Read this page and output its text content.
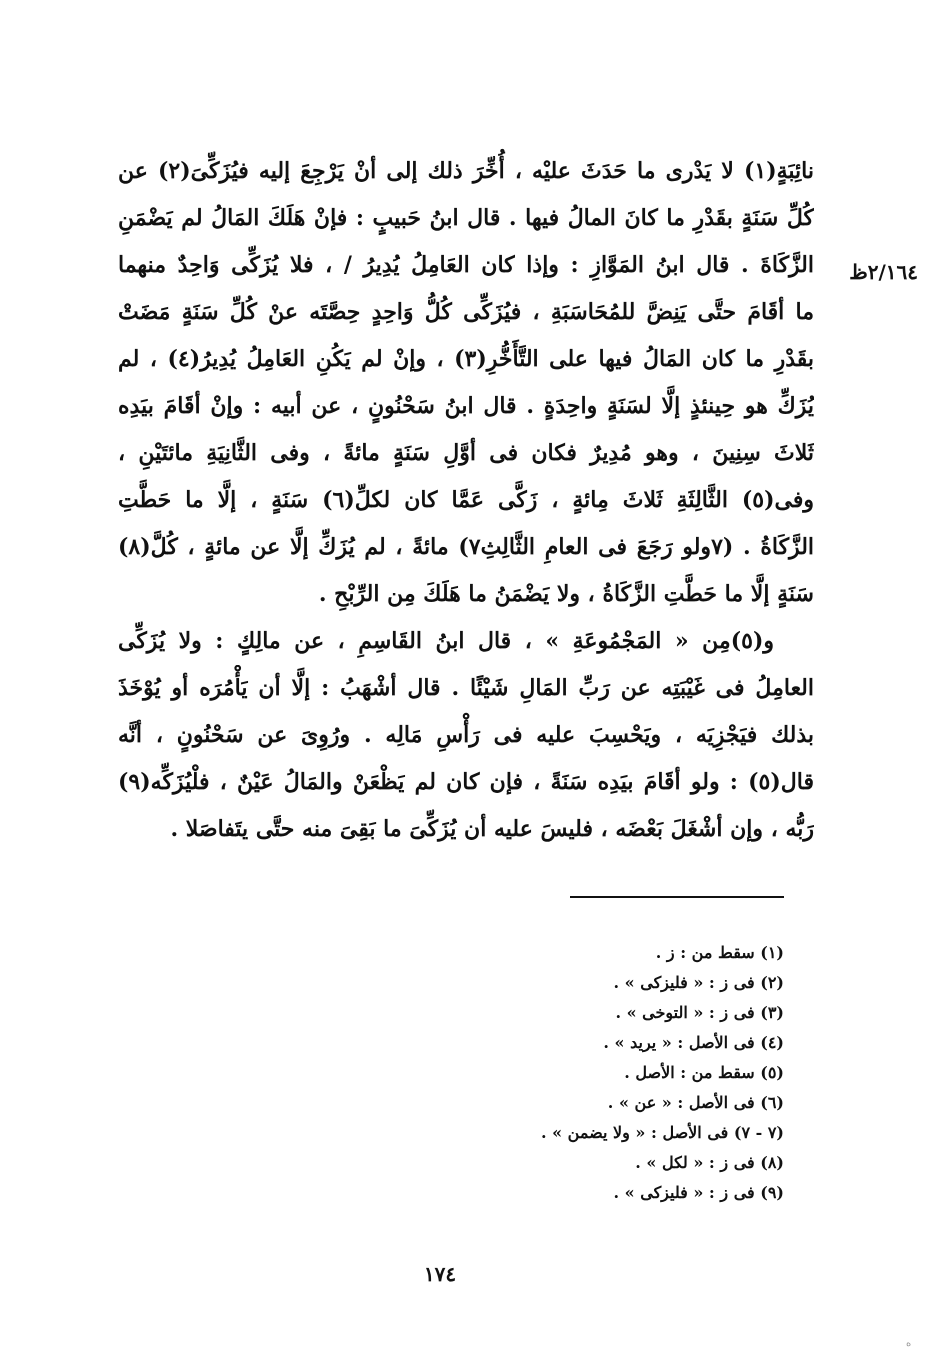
٢/١٦٤ظ
نائِبَةٍ(١) لا يَدْرى ما حَدَثَ عليْه ، أُخِّرَ ذلك إلى أنْ يَرْجِعَ إليه فيُزَكِّىَ(٢) عن
كُلِّ سَنَةٍ بقَدْرِ ما كانَ المالُ فيها . قال ابنُ حَبيبٍ : فإنْ هَلَكَ المَالُ لم يَضْمَنِ
الزَّكَاةَ . قال ابنُ المَوَّازِ : وإذا كان العَامِلُ يُدِيرُ / ، فلا يُزَكِّى وَاحِدٌ منهما
ما أقَامَ حتَّى يَنِضَّ للمُحَاسَبَةِ ، فيُزَكِّى كُلُّ وَاحِدٍ حِصَّتَه عنْ كُلِّ سَنَةٍ مَضَتْ
بقَدْرِ ما كان المَالُ فيها على التَّأَخُّرِ(٣) ، وإنْ لم يَكُنِ العَامِلُ يُدِيرُ(٤) ، لم
يُزَكِّ هو حِينئذٍ إلَّا لسَنَةٍ واحِدَةٍ . قال ابنُ سَحْنُونٍ ، عن أبيه : وإنْ أقَامَ بيَدِه
ثَلاثَ سِنِينَ ، وهو مُدِيرٌ فكان فى أوَّلِ سَنَةٍ مائةً ، وفى الثَّانِيَةِ مائتَيْنِ ،
وفى(٥) الثَّالِثَةِ ثَلاثَ مِائةٍ ، زَكَّى عَمَّا كان لكلِّ(٦) سَنَةٍ ، إلَّا ما حَطَّتِ
الزَّكَاةُ . (٧ولو رَجَعَ فى العامِ الثَّالِثِ٧) مائةً ، لم يُزَكِّ إلَّا عن مائةٍ ، كُلَّ(٨)
سَنَةٍ إلَّا ما حَطَّتِ الزَّكَاةُ ، ولا يَضْمَنُ ما هَلَكَ مِن الرِّبْحِ .
و(٥)مِن « المَجْمُوعَةِ » ، قال ابنُ القَاسِمِ ، عن مالِكٍ : ولا يُزَكِّى
العامِلُ فى غَيْبَتِه عن رَبِّ المَالِ شَيْئًا . قال أشْهَبُ : إلَّا أن يَأْمُرَه أو يُوْخَذَ
بذلك فيَجْزِيَه ، ويَحْسِبَ عليه فى رَأْسِ مَالِه . ورُوِىَ عن سَحْنُونٍ ، أنَّه
قال(٥) : ولو أقَامَ بيَدِه سَنَةً ، فإن كان لم يَظْعَنْ والمَالُ عَيْنٌ ، فلْيُزَكِّه(٩)
رَبُّه ، وإن أشْغَلَ بَعْضَه ، فليسَ عليه أن يُزَكِّىَ ما بَقِىَ منه حتَّى يتَفاصَلا .
(١) سقط من : ز .
(٢) فى ز : « فليزكى » .
(٣) فى ز : « التوخى » .
(٤) فى الأصل : « يريد » .
(٥) سقط من : الأصل .
(٦) فى الأصل : « عن » .
(٧ - ٧) فى الأصل : « ولا يضمن » .
(٨) فى ز : « لكل » .
(٩) فى ز : « فليزكى » .
١٧٤
ه
